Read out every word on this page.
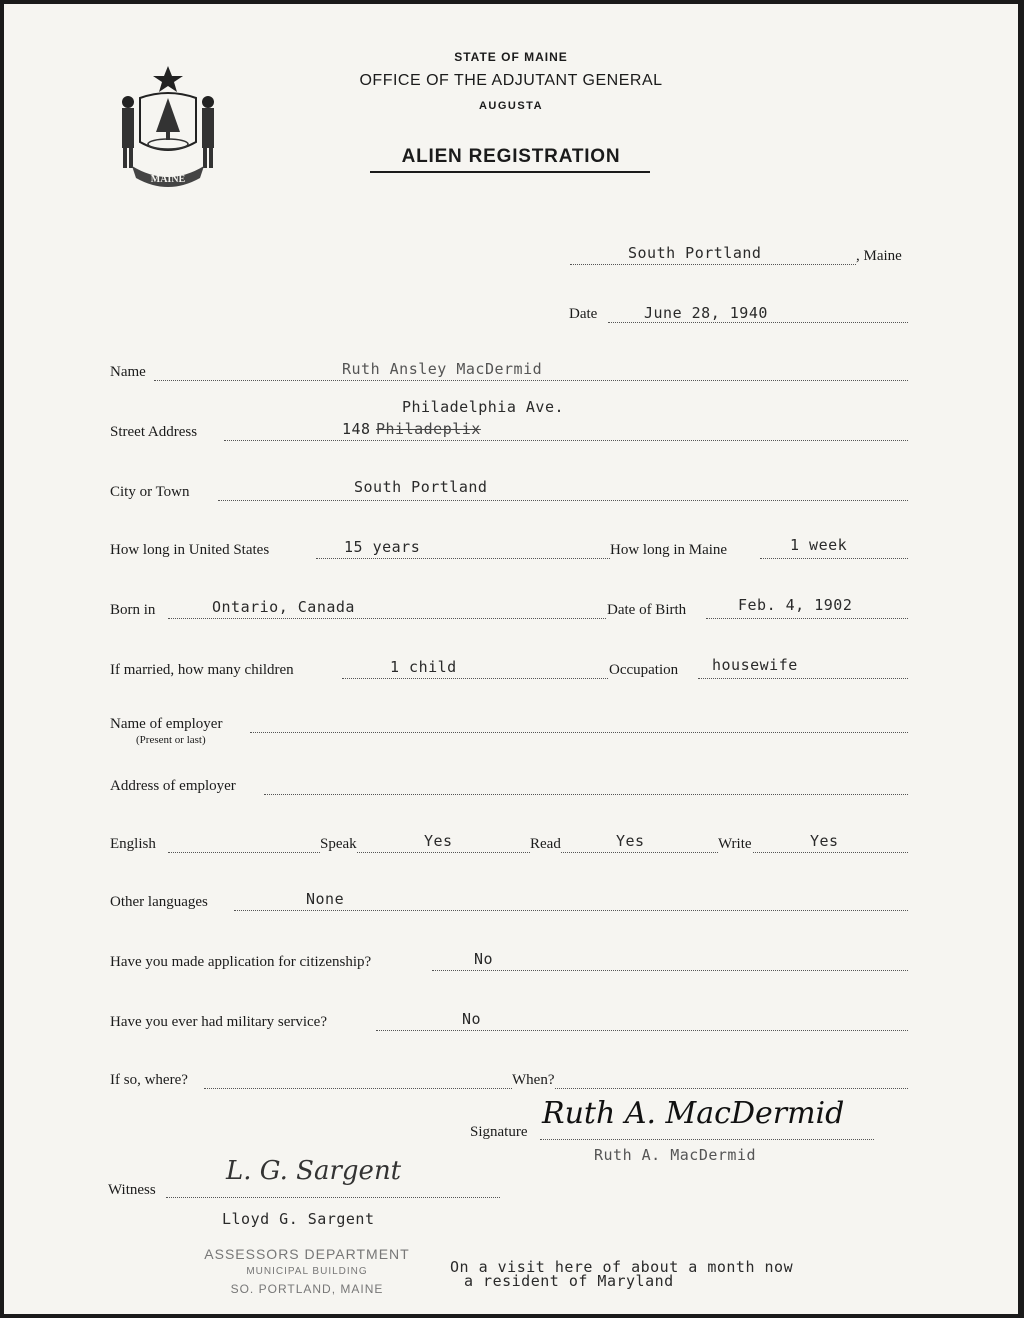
MAINE
STATE OF MAINE
OFFICE OF THE ADJUTANT GENERAL
AUGUSTA
ALIEN REGISTRATION
South Portland	, Maine
Date	June 28, 1940
Name	Ruth Ansley MacDermid
Street Address
Philadelphia Ave.
148 Philadeplix
City or Town	South Portland
How long in United States	15 years	How long in Maine	1 week
Born in	Ontario, Canada	Date of Birth	Feb. 4, 1902
If married, how many children	1 child	Occupation housewife
Name of employer
(Present or last)
Address of employer
English	Speak	Yes	Read	Yes	Write	Yes
Other languages	None
Have you made application for citizenship?	No
Have you ever had military service?	No
If so, where?	When?
Signature
Ruth A. MacDermid
Ruth A. MacDermid
Witness
L. G. Sargent
Lloyd G. Sargent
ASSESSORS DEPARTMENT
MUNICIPAL BUILDING
SO. PORTLAND, MAINE
On a visit here of about a month now
a resident of Maryland
